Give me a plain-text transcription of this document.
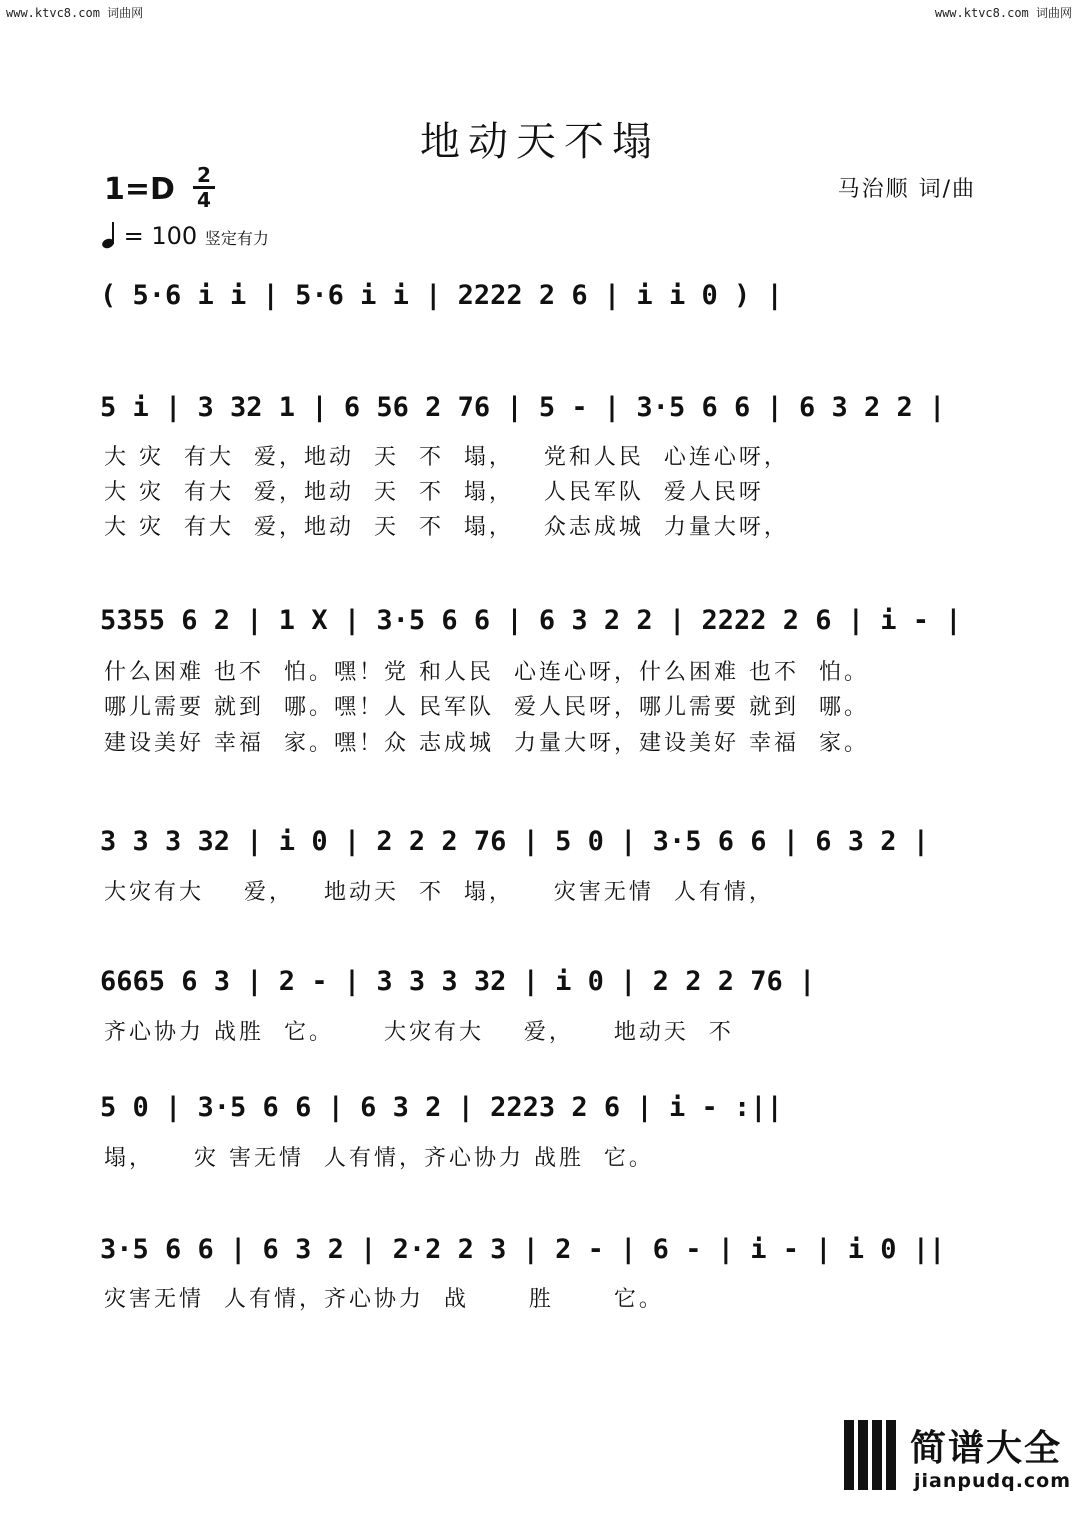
www.ktvc8.com 词曲网	www.ktvc8.com 词曲网
地动天不塌
1=D 2
4
= 100 竖定有力
马治顺 词/曲
( 5·6 i i | 5·6 i i | 2222 2 6 | i i 0 ) |
5 i | 3 32 1 | 6 56 2 76 | 5 - | 3·5 6 6 | 6 3 2 2 |
大 灾  有大  爱，地动  天  不  塌，   党和人民  心连心呀，
大 灾  有大  爱，地动  天  不  塌，   人民军队  爱人民呀
大 灾  有大  爱，地动  天  不  塌，   众志成城  力量大呀，
5355 6 2 | 1 X | 3·5 6 6 | 6 3 2 2 | 2222 2 6 | i - |
什么困难 也不  怕。嘿！党 和人民  心连心呀，什么困难 也不  怕。
哪儿需要 就到  哪。嘿！人 民军队  爱人民呀，哪儿需要 就到  哪。
建设美好 幸福  家。嘿！众 志成城  力量大呀，建设美好 幸福  家。
3 3 3 32 | i 0 | 2 2 2 76 | 5 0 | 3·5 6 6 | 6 3 2 |
大灾有大    爱，   地动天  不  塌，    灾害无情  人有情，
6665 6 3 | 2 - | 3 3 3 32 | i 0 | 2 2 2 76 |
齐心协力 战胜  它。     大灾有大    爱，    地动天  不
5 0 | 3·5 6 6 | 6 3 2 | 2223 2 6 | i - :||
塌，    灾 害无情  人有情，齐心协力 战胜  它。
3·5 6 6 | 6 3 2 | 2·2 2 3 | 2 - | 6 - | i - | i 0 ||
灾害无情  人有情，齐心协力  战      胜      它。
简谱大全
jianpudq.com
